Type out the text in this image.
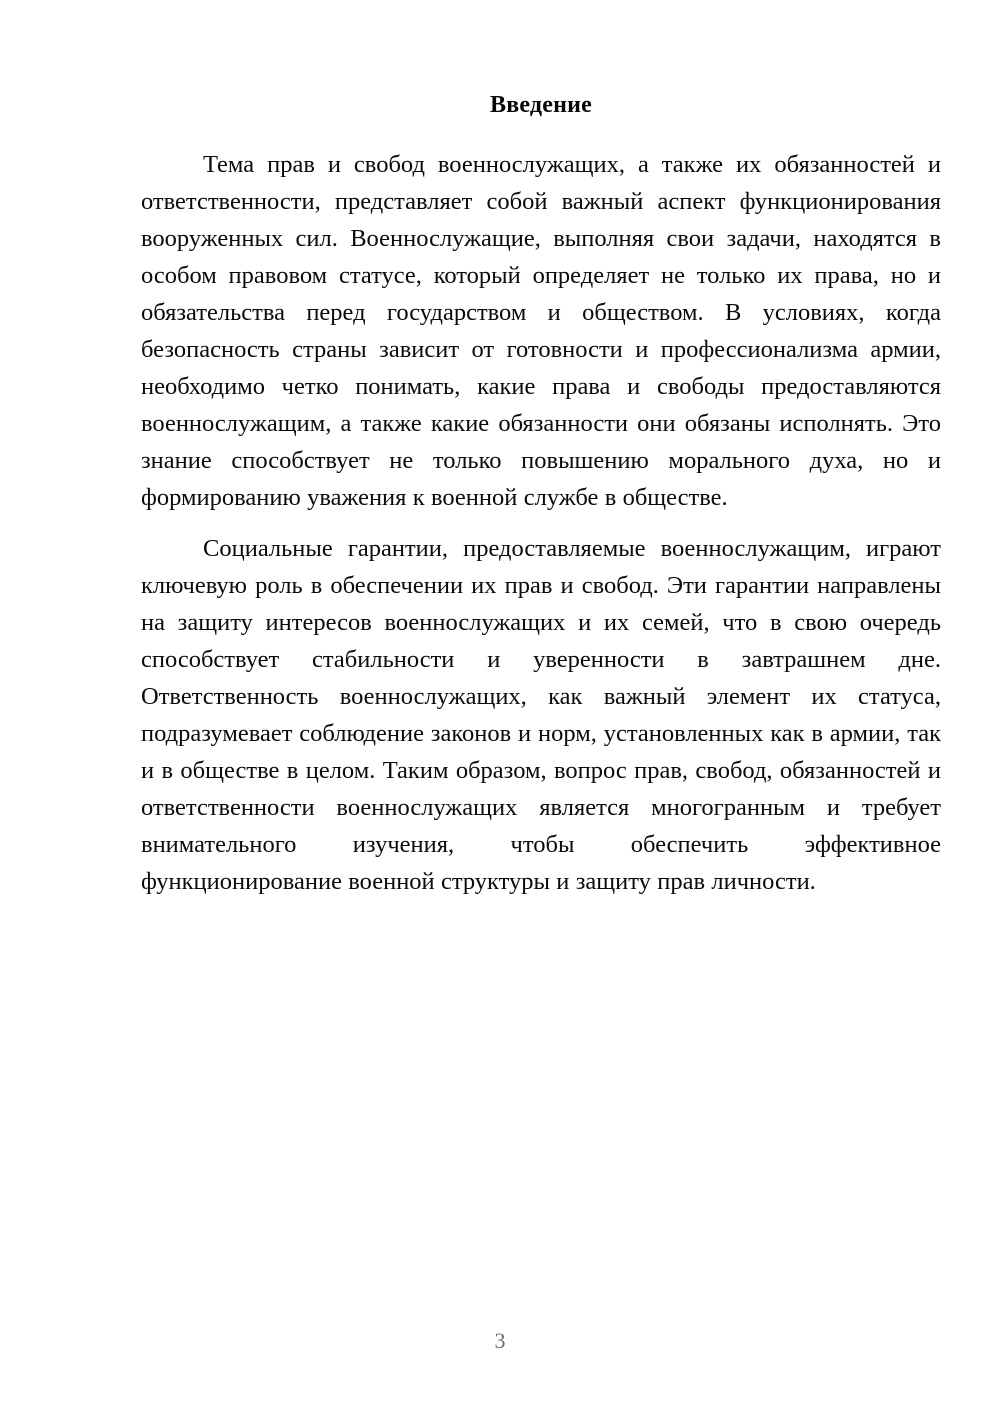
Введение

Тема прав и свобод военнослужащих, а также их обязанностей и ответственности, представляет собой важный аспект функционирования вооруженных сил. Военнослужащие, выполняя свои задачи, находятся в особом правовом статусе, который определяет не только их права, но и обязательства перед государством и обществом. В условиях, когда безопасность страны зависит от готовности и профессионализма армии, необходимо четко понимать, какие права и свободы предоставляются военнослужащим, а также какие обязанности они обязаны исполнять. Это знание способствует не только повышению морального духа, но и формированию уважения к военной службе в обществе.

Социальные гарантии, предоставляемые военнослужащим, играют ключевую роль в обеспечении их прав и свобод. Эти гарантии направлены на защиту интересов военнослужащих и их семей, что в свою очередь способствует стабильности и уверенности в завтрашнем дне. Ответственность военнослужащих, как важный элемент их статуса, подразумевает соблюдение законов и норм, установленных как в армии, так и в обществе в целом. Таким образом, вопрос прав, свобод, обязанностей и ответственности военнослужащих является многогранным и требует внимательного изучения, чтобы обеспечить эффективное функционирование военной структуры и защиту прав личности.

3
